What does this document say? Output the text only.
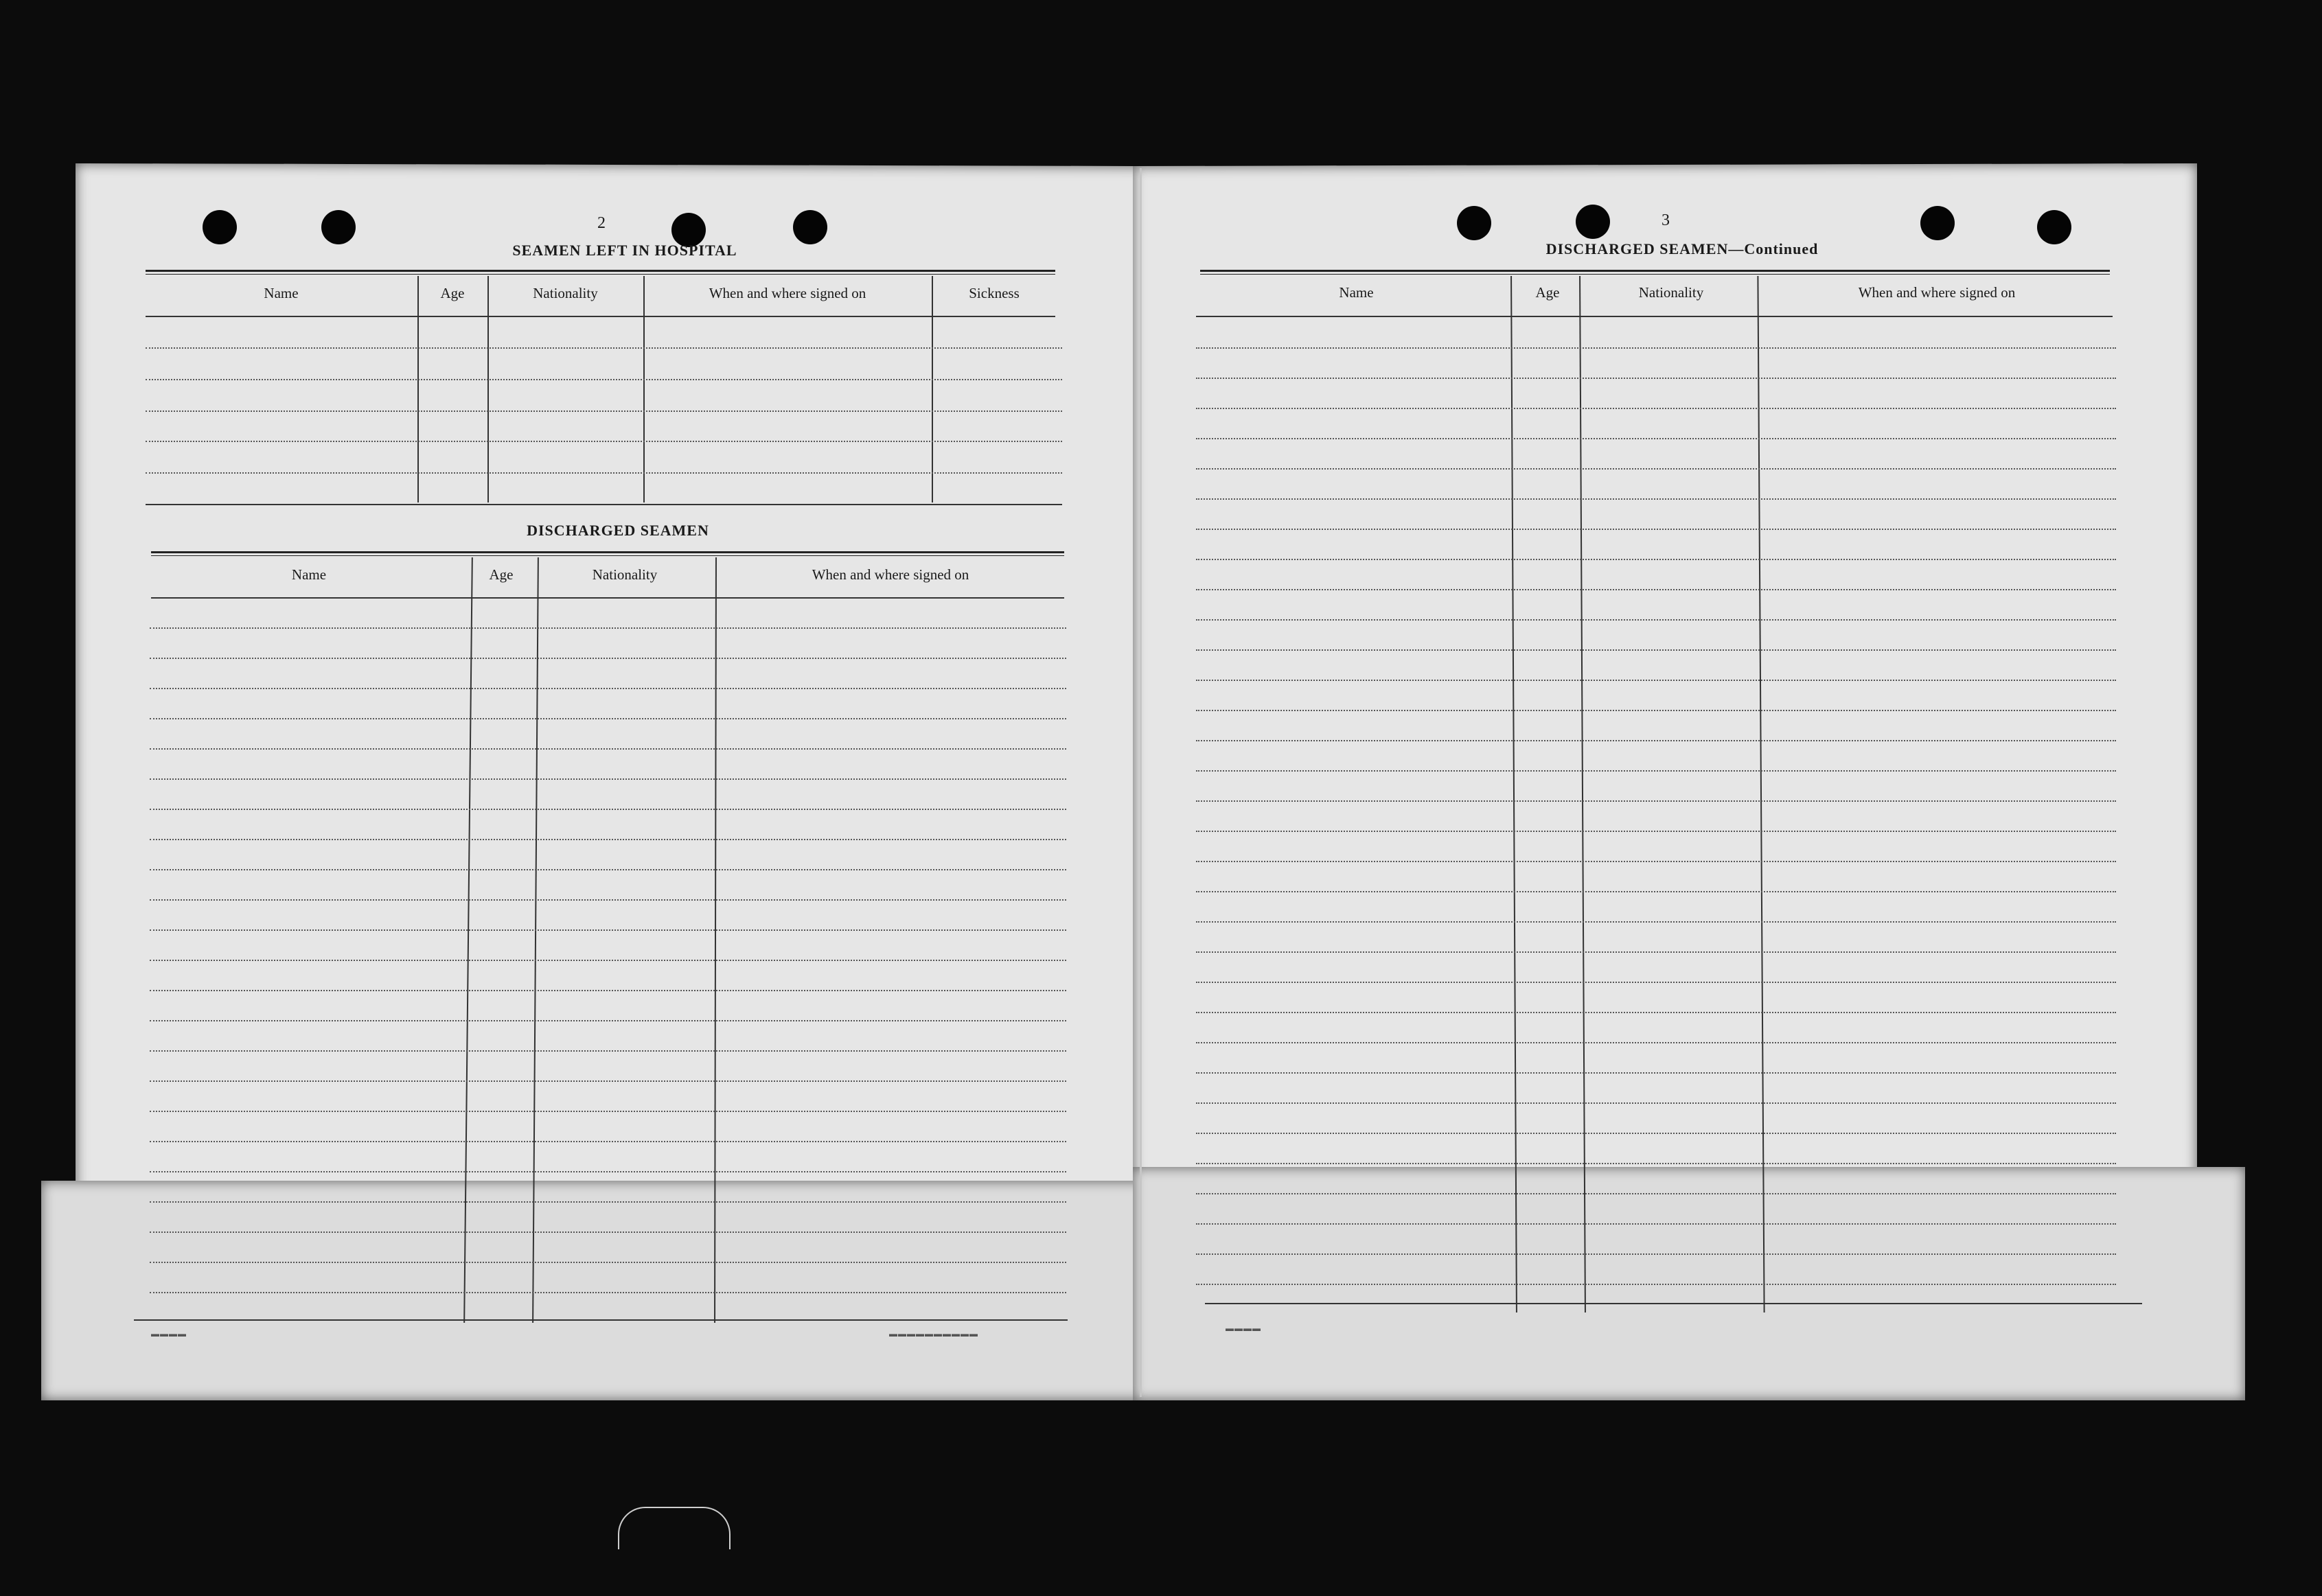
2
SEAMEN LEFT IN HOSPITAL
Name	Age	Nationality	When and where signed on	Sickness
DISCHARGED SEAMEN
Name	Age	Nationality	When and where signed on
▬▬▬▬	▬▬▬▬▬▬▬▬▬▬
3
DISCHARGED SEAMEN—Continued
Name	Age	Nationality	When and where signed on
▬▬▬▬
